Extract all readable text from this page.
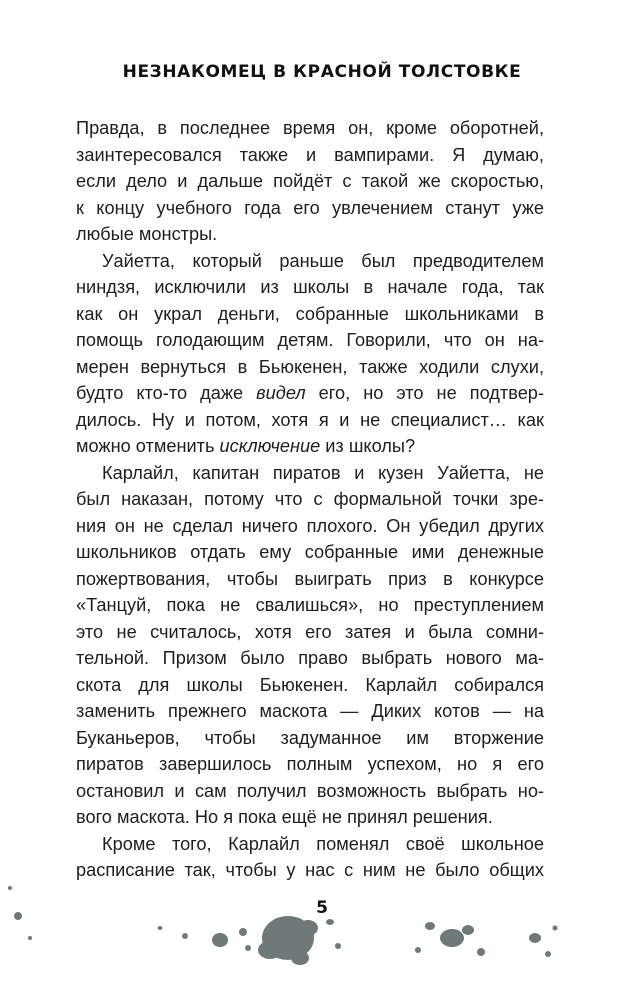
НЕЗНАКОМЕЦ В КРАСНОЙ ТОЛСТОВКЕ
Правда, в последнее время он, кроме оборотней,
заинтересовался также и вампирами. Я думаю,
если дело и дальше пойдёт с такой же скоростью,
к концу учебного года его увлечением станут уже
любые монстры.
Уайетта, который раньше был предводителем
ниндзя, исключили из школы в начале года, так
как он украл деньги, собранные школьниками в
помощь голодающим детям. Говорили, что он на-
мерен вернуться в Бьюкенен, также ходили слухи,
будто кто-то даже видел его, но это не подтвер-
дилось. Ну и потом, хотя я и не специалист… как
можно отменить исключение из школы?
Карлайл, капитан пиратов и кузен Уайетта, не
был наказан, потому что с формальной точки зре-
ния он не сделал ничего плохого. Он убедил других
школьников отдать ему собранные ими денежные
пожертвования, чтобы выиграть приз в конкурсе
«Танцуй, пока не свалишься», но преступлением
это не считалось, хотя его затея и была сомни-
тельной. Призом было право выбрать нового ма-
скота для школы Бьюкенен. Карлайл собирался
заменить прежнего маскота — Диких котов — на
Буканьеров, чтобы задуманное им вторжение
пиратов завершилось полным успехом, но я его
остановил и сам получил возможность выбрать но-
вого маскота. Но я пока ещё не принял решения.
Кроме того, Карлайл поменял своё школьное
расписание так, чтобы у нас с ним не было общих
5
